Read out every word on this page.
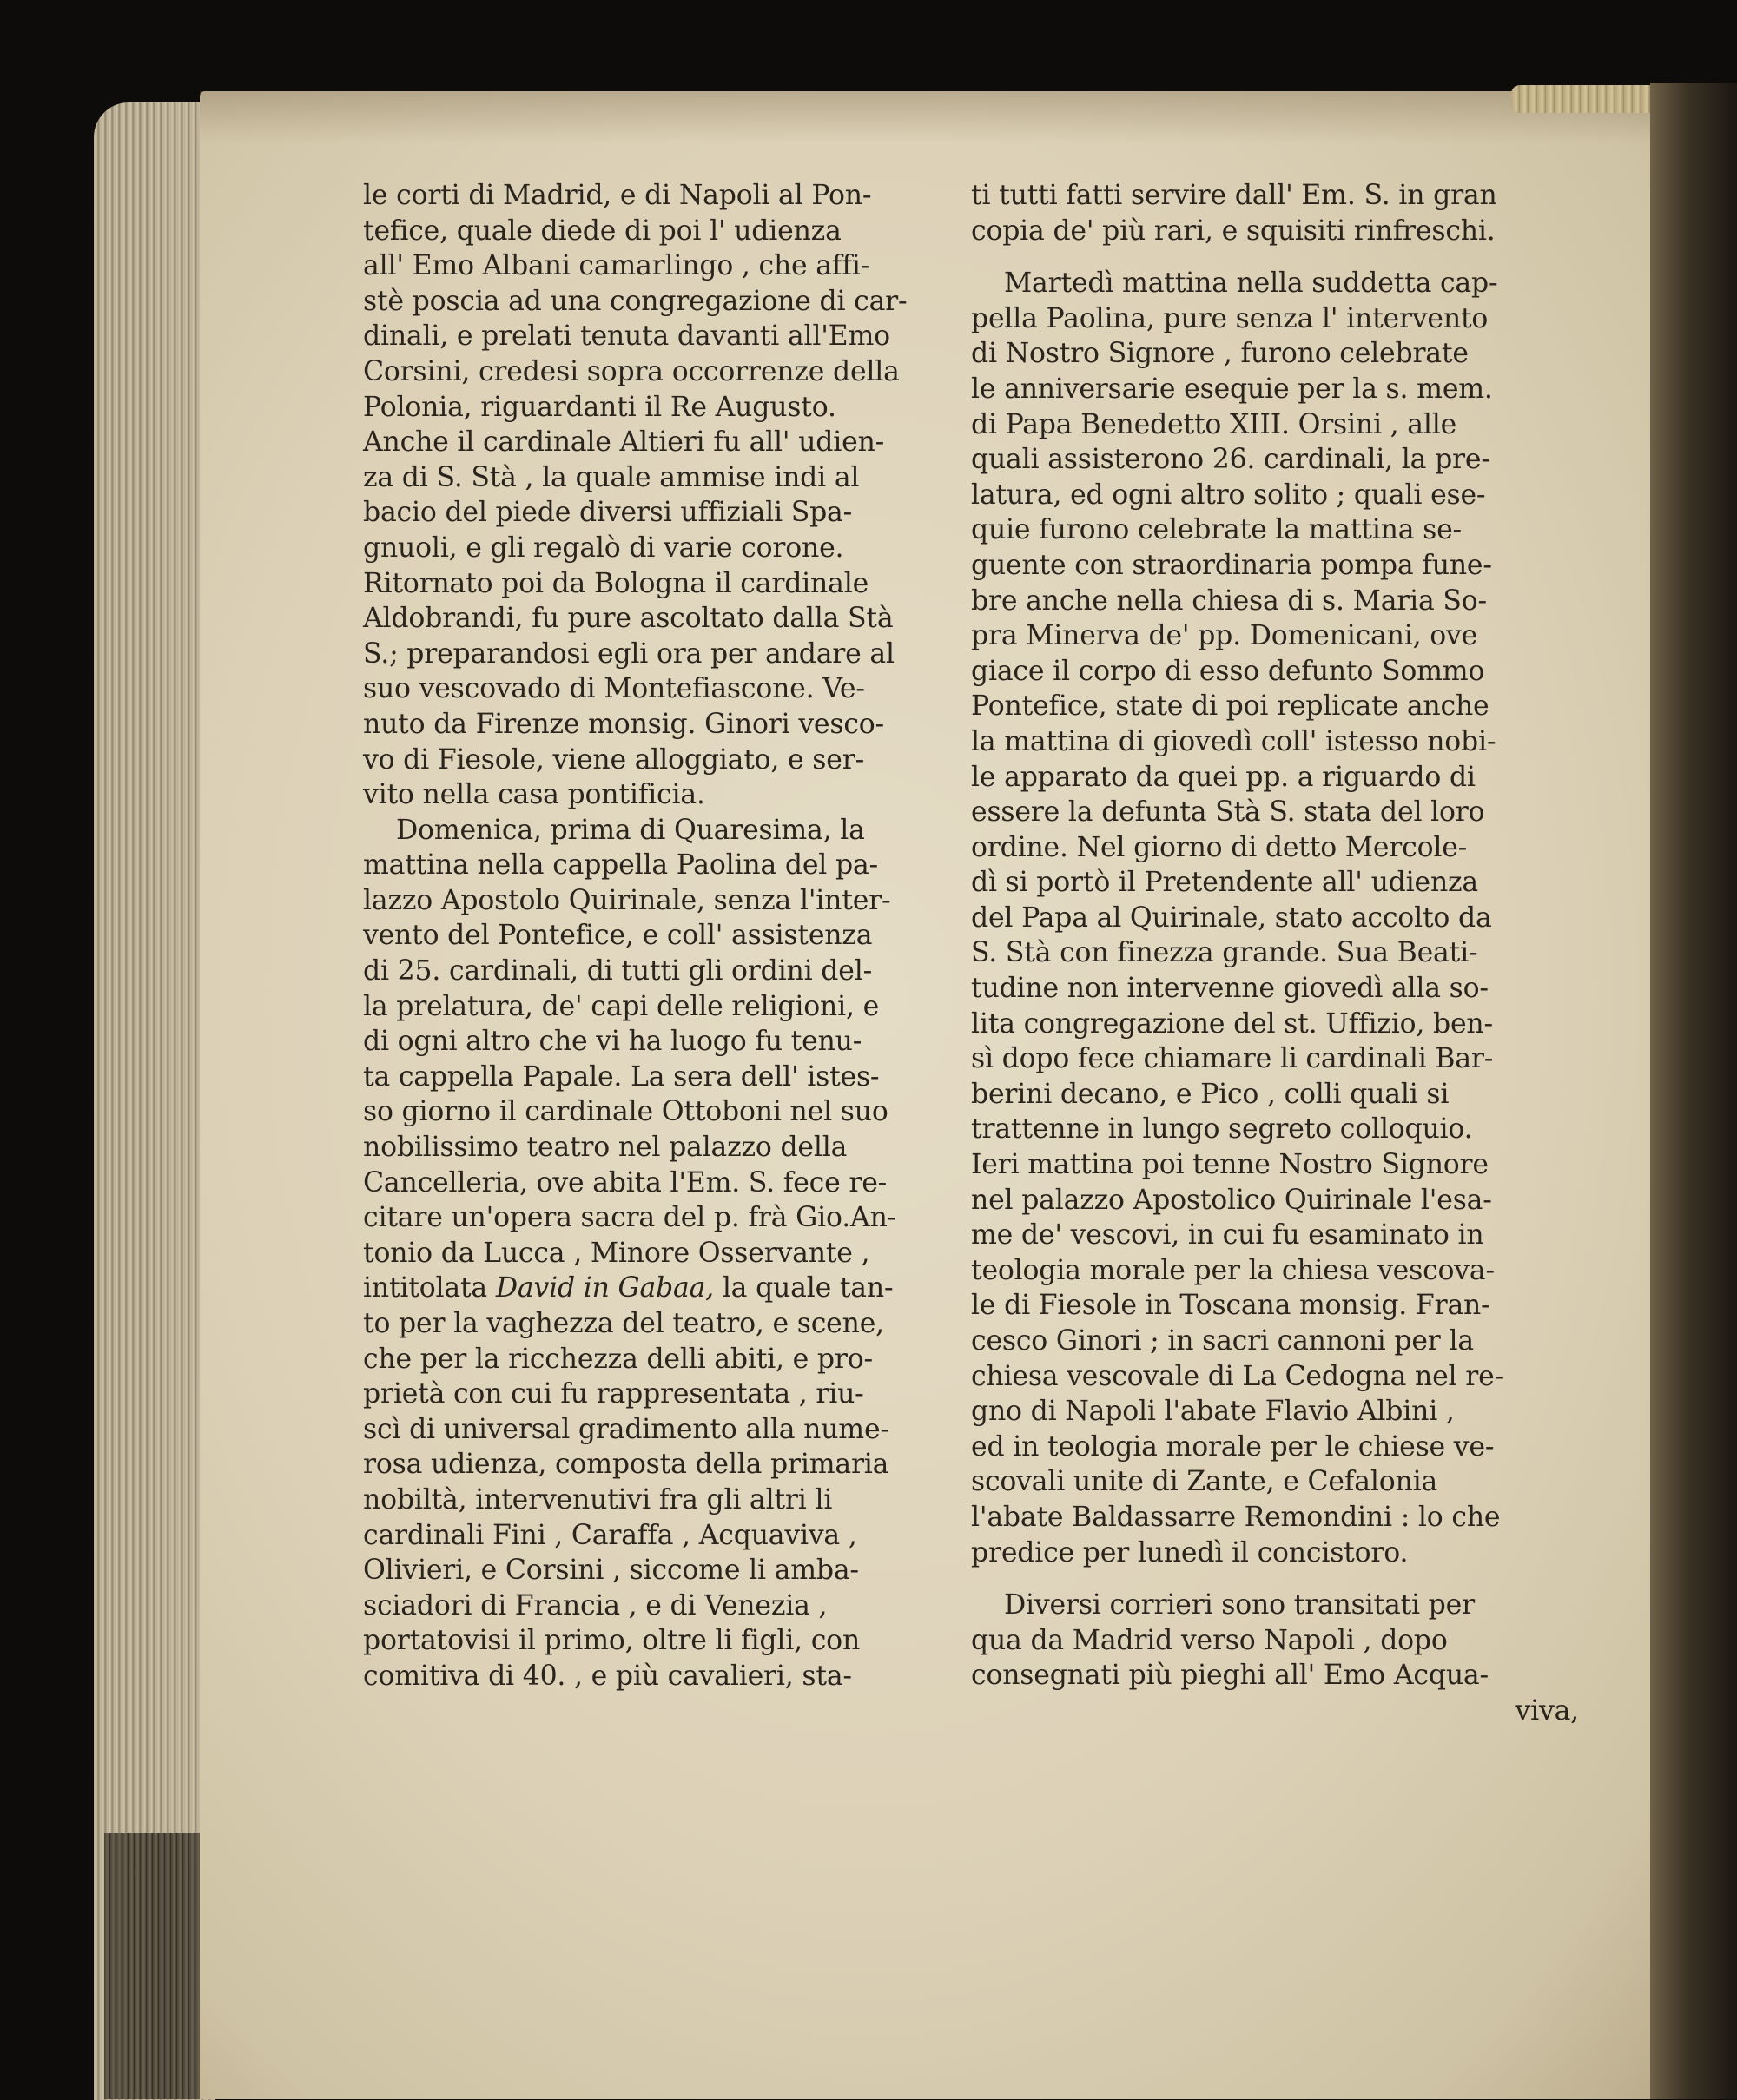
le corti di Madrid, e di Napoli al Pon-
tefice, quale diede di poi l' udienza
all' Emo Albani camarlingo , che affi-
stè poscia ad una congregazione di car-
dinali, e prelati tenuta davanti all'Emo
Corsini, credesi sopra occorrenze della
Polonia, riguardanti il Re Augusto.
Anche il cardinale Altieri fu all' udien-
za di S. Stà , la quale ammise indi al
bacio del piede diversi uffiziali Spa-
gnuoli, e gli regalò di varie corone.
Ritornato poi da Bologna il cardinale
Aldobrandi, fu pure ascoltato dalla Stà
S.; preparandosi egli ora per andare al
suo vescovado di Montefiascone. Ve-
nuto da Firenze monsig. Ginori vesco-
vo di Fiesole, viene alloggiato, e ser-
vito nella casa pontificia.
Domenica, prima di Quaresima, la
mattina nella cappella Paolina del pa-
lazzo Apostolo Quirinale, senza l'inter-
vento del Pontefice, e coll' assistenza
di 25. cardinali, di tutti gli ordini del-
la prelatura, de' capi delle religioni, e
di ogni altro che vi ha luogo fu tenu-
ta cappella Papale. La sera dell' istes-
so giorno il cardinale Ottoboni nel suo
nobilissimo teatro nel palazzo della
Cancelleria, ove abita l'Em. S. fece re-
citare un'opera sacra del p. frà Gio.An-
tonio da Lucca , Minore Osservante ,
intitolata David in Gabaa, la quale tan-
to per la vaghezza del teatro, e scene,
che per la ricchezza delli abiti, e pro-
prietà con cui fu rappresentata , riu-
scì di universal gradimento alla nume-
rosa udienza, composta della primaria
nobiltà, intervenutivi fra gli altri li
cardinali Fini , Caraffa , Acquaviva ,
Olivieri, e Corsini , siccome li amba-
sciadori di Francia , e di Venezia ,
portatovisi il primo, oltre li figli, con
comitiva di 40. , e più cavalieri, sta-

ti tutti fatti servire dall' Em. S. in gran
copia de' più rari, e squisiti rinfreschi.

Martedì mattina nella suddetta cap-
pella Paolina, pure senza l' intervento
di Nostro Signore , furono celebrate
le anniversarie esequie per la s. mem.
di Papa Benedetto XIII. Orsini , alle
quali assisterono 26. cardinali, la pre-
latura, ed ogni altro solito ; quali ese-
quie furono celebrate la mattina se-
guente con straordinaria pompa fune-
bre anche nella chiesa di s. Maria So-
pra Minerva de' pp. Domenicani, ove
giace il corpo di esso defunto Sommo
Pontefice, state di poi replicate anche
la mattina di giovedì coll' istesso nobi-
le apparato da quei pp. a riguardo di
essere la defunta Stà S. stata del loro
ordine. Nel giorno di detto Mercole-
dì si portò il Pretendente all' udienza
del Papa al Quirinale, stato accolto da
S. Stà con finezza grande. Sua Beati-
tudine non intervenne giovedì alla so-
lita congregazione del st. Uffizio, ben-
sì dopo fece chiamare li cardinali Bar-
berini decano, e Pico , colli quali si
trattenne in lungo segreto colloquio.
Ieri mattina poi tenne Nostro Signore
nel palazzo Apostolico Quirinale l'esa-
me de' vescovi, in cui fu esaminato in
teologia morale per la chiesa vescova-
le di Fiesole in Toscana monsig. Fran-
cesco Ginori ; in sacri cannoni per la
chiesa vescovale di La Cedogna nel re-
gno di Napoli l'abate Flavio Albini ,
ed in teologia morale per le chiese ve-
scovali unite di Zante, e Cefalonia
l'abate Baldassarre Remondini : lo che
predice per lunedì il concistoro.

Diversi corrieri sono transitati per
qua da Madrid verso Napoli , dopo
consegnati più pieghi all' Emo Acqua-
viva,
